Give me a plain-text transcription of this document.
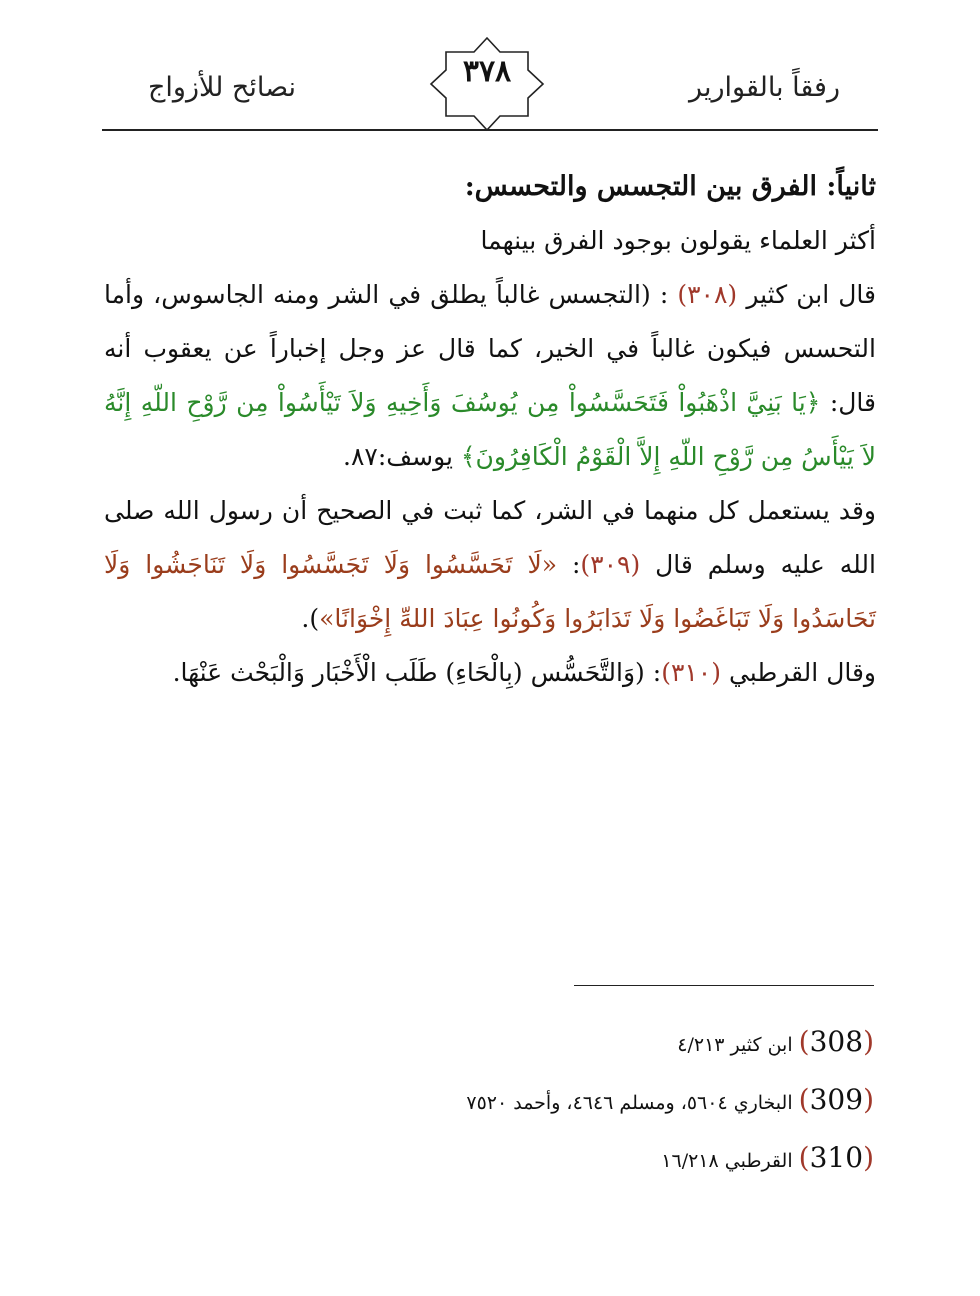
رفقاً بالقوارير
نصائح للأزواج	٣٧٨

ثانياً: الفرق بين التجسس والتحسس:

أكثر العلماء يقولون بوجود الفرق بينهما

قال ابن كثير (٣٠٨) : (التجسس غالباً يطلق في الشر ومنه الجاسوس، وأما التحسس فيكون غالباً في الخير، كما قال عز وجل إخباراً عن يعقوب أنه قال: ﴿يَا بَنِيَّ اذْهَبُواْ فَتَحَسَّسُواْ مِن يُوسُفَ وَأَخِيهِ وَلاَ تَيْأَسُواْ مِن رَّوْحِ اللّهِ إِنَّهُ لاَ يَيْأَسُ مِن رَّوْحِ اللّهِ إِلاَّ الْقَوْمُ الْكَافِرُونَ﴾ يوسف:٨٧.

وقد يستعمل كل منهما في الشر، كما ثبت في الصحيح أن رسول الله صلى الله عليه وسلم قال (٣٠٩): «لَا تَحَسَّسُوا وَلَا تَجَسَّسُوا وَلَا تَنَاجَشُوا وَلَا تَحَاسَدُوا وَلَا تَبَاغَضُوا وَلَا تَدَابَرُوا وَكُونُوا عِبَادَ اللهِّ إِخْوَانًا»).

وقال القرطبي (٣١٠): (وَالتَّحَسُّس (بِالْحَاءِ) طَلَب الْأَخْبَار وَالْبَحْث عَنْهَا.

(308) ابن كثير ٤/٢١٣
(309) البخاري ٥٦٠٤، ومسلم ٤٦٤٦، وأحمد ٧٥٢٠
(310) القرطبي ١٦/٢١٨
